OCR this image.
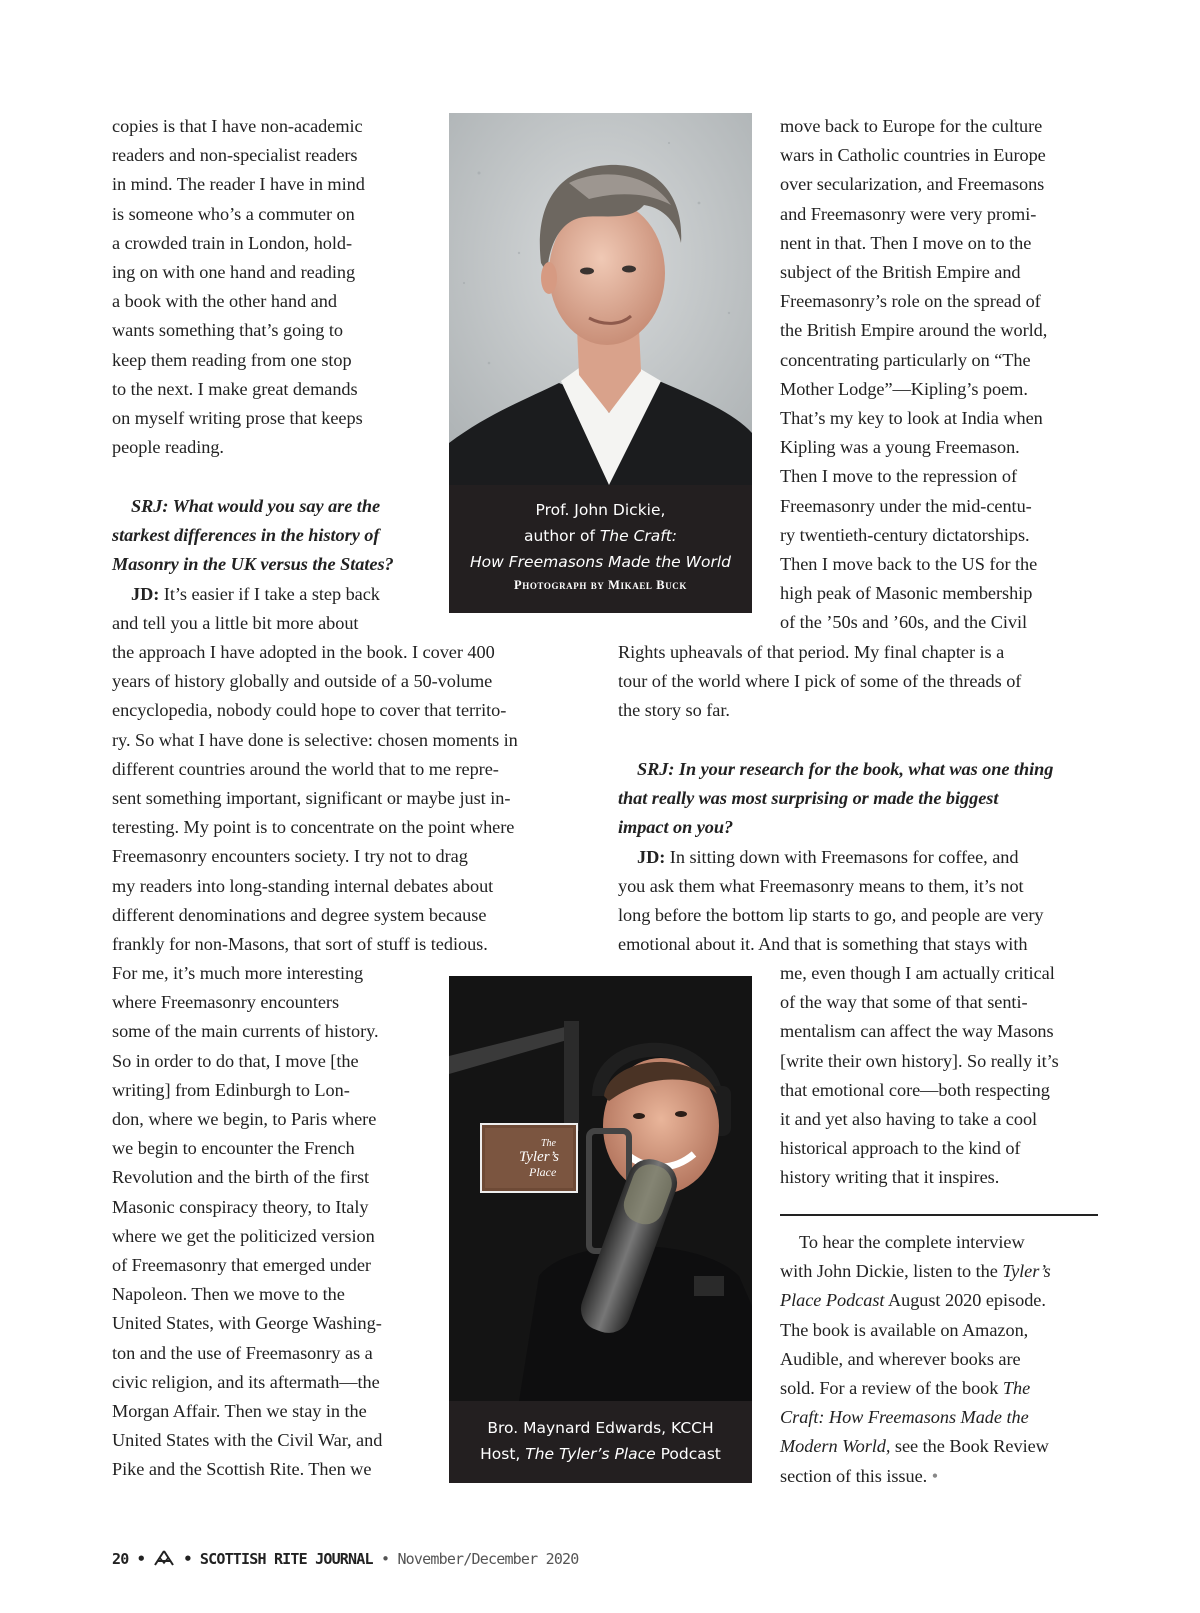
copies is that I have non-academic
readers and non-specialist readers
in mind. The reader I have in mind
is someone who’s a commuter on
a crowded train in London, hold-
ing on with one hand and reading
a book with the other hand and
wants something that’s going to
keep them reading from one stop
to the next. I make great demands
on myself writing prose that keeps
people reading.

SRJ: What would you say are the
starkest differences in the history of
Masonry in the UK versus the States?

JD: It’s easier if I take a step back
and tell you a little bit more about

the approach I have adopted in the book. I cover 400
years of history globally and outside of a 50-volume
encyclopedia, nobody could hope to cover that territo-
ry. So what I have done is selective: chosen moments in
different countries around the world that to me repre-
sent something important, significant or maybe just in-
teresting. My point is to concentrate on the point where
Freemasonry encounters society. I try not to drag
my readers into long-standing internal debates about
different denominations and degree system because
frankly for non-Masons, that sort of stuff is tedious.
For me, it’s much more interesting
where Freemasonry encounters
some of the main currents of history.
So in order to do that, I move [the
writing] from Edinburgh to Lon-
don, where we begin, to Paris where
we begin to encounter the French
Revolution and the birth of the first
Masonic conspiracy theory, to Italy
where we get the politicized version
of Freemasonry that emerged under
Napoleon. Then we move to the
United States, with George Washing-
ton and the use of Freemasonry as a
civic religion, and its aftermath—the
Morgan Affair. Then we stay in the
United States with the Civil War, and
Pike and the Scottish Rite. Then we
move back to Europe for the culture
wars in Catholic countries in Europe
over secularization, and Freemasons
and Freemasonry were very promi-
nent in that. Then I move on to the
subject of the British Empire and
Freemasonry’s role on the spread of
the British Empire around the world,
concentrating particularly on “The
Mother Lodge”—Kipling’s poem.
That’s my key to look at India when
Kipling was a young Freemason.
Then I move to the repression of
Freemasonry under the mid-centu-
ry twentieth-century dictatorships.
Then I move back to the US for the
high peak of Masonic membership
of the ’50s and ’60s, and the Civil
Rights upheavals of that period. My final chapter is a
tour of the world where I pick of some of the threads of
the story so far.

SRJ: In your research for the book, what was one thing
that really was most surprising or made the biggest
impact on you?

JD: In sitting down with Freemasons for coffee, and
you ask them what Freemasonry means to them, it’s not
long before the bottom lip starts to go, and people are very
emotional about it. And that is something that stays with

me, even though I am actually critical
of the way that some of that senti-
mentalism can affect the way Masons
[write their own history]. So really it’s
that emotional core—both respecting
it and yet also having to take a cool
historical approach to the kind of
history writing that it inspires.
To hear the complete interview
with John Dickie, listen to the Tyler’s
Place Podcast August 2020 episode.
The book is available on Amazon,
Audible, and wherever books are
sold. For a review of the book The
Craft: How Freemasons Made the
Modern World, see the Book Review
section of this issue. •
Prof. John Dickie,
author of The Craft:
How Freemasons Made the World
Photograph by Mikael Buck
The
Tyler’s
Place
Bro. Maynard Edwards, KCCH
Host, The Tyler’s Place Podcast
20 •	• SCOTTISH RITE JOURNAL • November/December 2020
